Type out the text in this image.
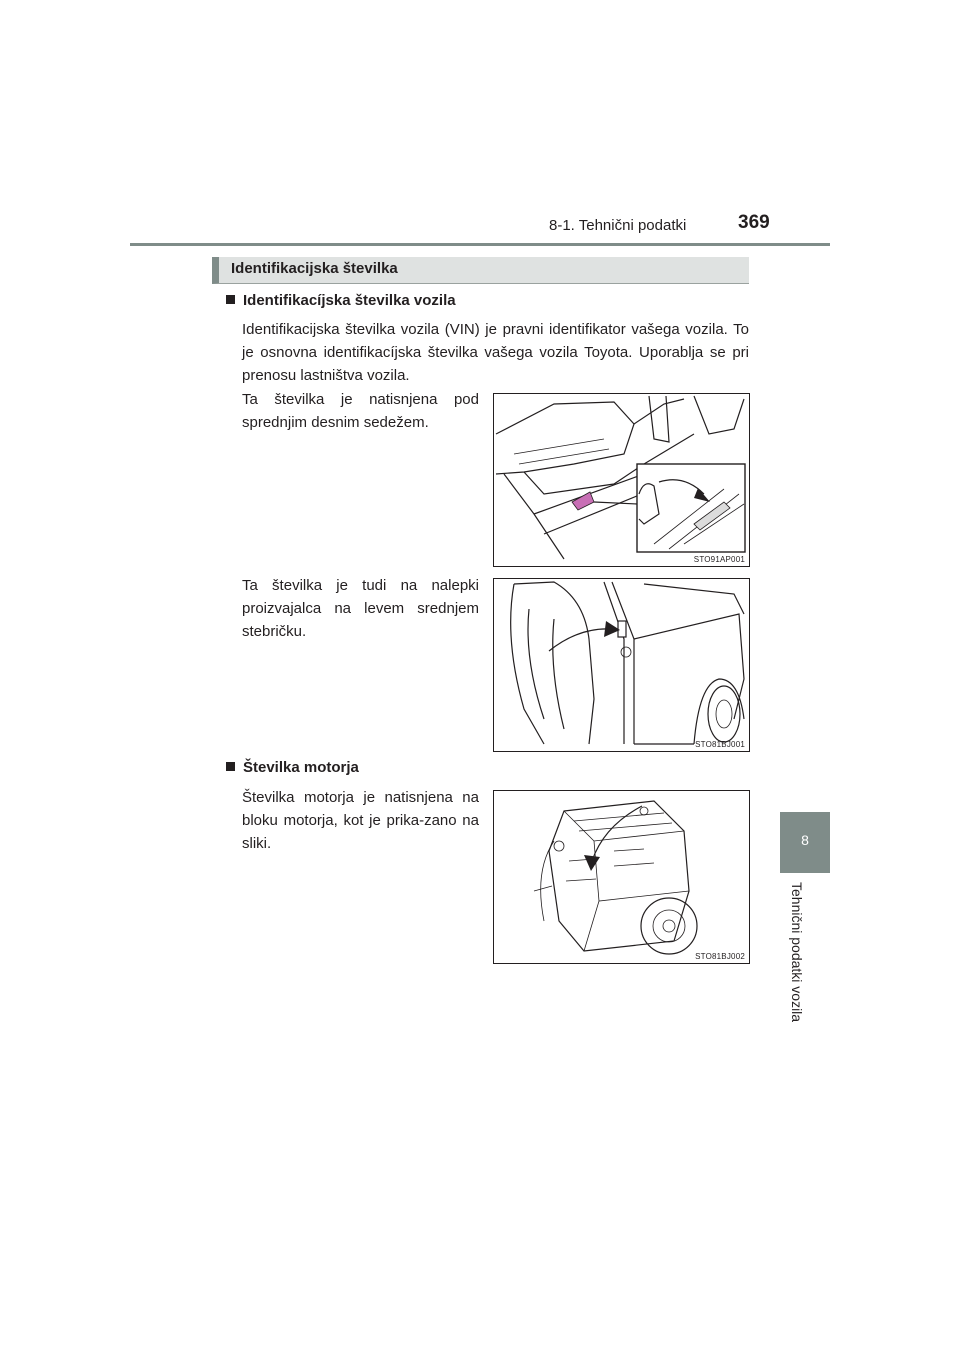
8-1. Tehnični podatki	369
8
Tehnični podatki vozila
Identifikacijska številka
Identifikacíjska številka vozila
Identifikacijska številka vozila (VIN) je pravni identifikator vašega vozila. To je osnovna identifikacíjska številka vašega vozila Toyota. Uporablja se pri prenosu lastništva vozila.
Ta številka je natisnjena pod sprednjim desnim sedežem.
STO91AP001
Ta številka je tudi na nalepki proizvajalca na levem srednjem stebričku.
STO81BJ001
Številka motorja
Številka motorja je natisnjena na bloku motorja, kot je prika-zano na sliki.
STO81BJ002
